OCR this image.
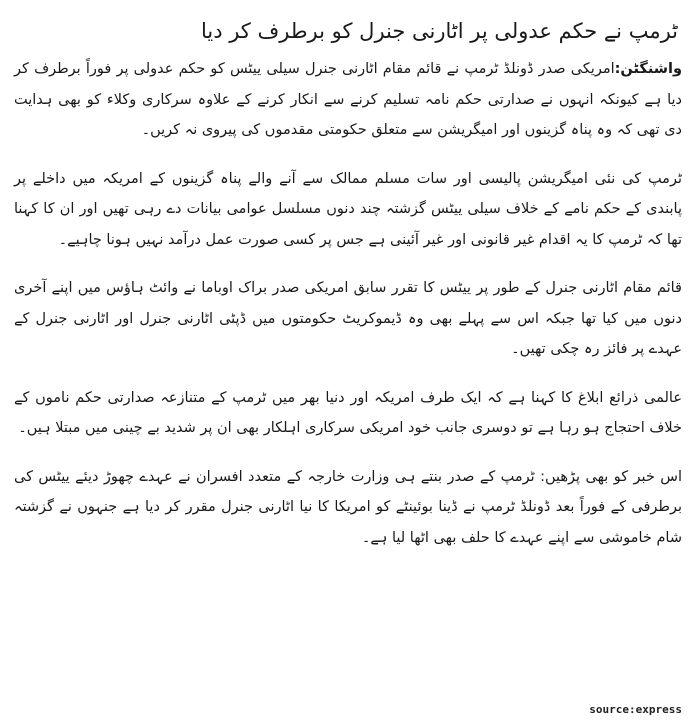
ٹرمپ نے حکم عدولی پر اٹارنی جنرل کو برطرف کر دیا

واشنگٹن:امریکی صدر ڈونلڈ ٹرمپ نے قائم مقام اٹارنی جنرل سیلی ییٹس کو حکم عدولی پر فوراً برطرف کر دیا ہے کیونکہ انہوں نے صدارتی حکم نامہ تسلیم کرنے سے انکار کرنے کے علاوہ سرکاری وکلاء کو بھی ہدایت دی تھی کہ وہ پناہ گزینوں اور امیگریشن سے متعلق حکومتی مقدموں کی پیروی نہ کریں۔

ٹرمپ کی نئی امیگریشن پالیسی اور سات مسلم ممالک سے آنے والے پناہ گزینوں کے امریکہ میں داخلے پر پابندی کے حکم نامے کے خلاف سیلی ییٹس گزشتہ چند دنوں مسلسل عوامی بیانات دے رہی تھیں اور ان کا کہنا تھا کہ ٹرمپ کا یہ اقدام غیر قانونی اور غیر آئینی ہے جس پر کسی صورت عمل درآمد نہیں ہونا چاہیے۔

قائم مقام اٹارنی جنرل کے طور پر ییٹس کا تقرر سابق امریکی صدر براک اوباما نے وائٹ ہاؤس میں اپنے آخری دنوں میں کیا تھا جبکہ اس سے پہلے بھی وہ ڈیموکریٹ حکومتوں میں ڈپٹی اٹارنی جنرل اور اٹارنی جنرل کے عہدے پر فائز رہ چکی تھیں۔

عالمی ذرائع ابلاغ کا کہنا ہے کہ ایک طرف امریکہ اور دنیا بھر میں ٹرمپ کے متنازعہ صدارتی حکم ناموں کے خلاف احتجاج ہو رہا ہے تو دوسری جانب خود امریکی سرکاری اہلکار بھی ان پر شدید بے چینی میں مبتلا ہیں۔

اس خبر کو بھی پڑھیں: ٹرمپ کے صدر بنتے ہی وزارت خارجہ کے متعدد افسران نے عہدے چھوڑ دیئے ییٹس کی برطرفی کے فوراً بعد ڈونلڈ ٹرمپ نے ڈینا بوئینٹے کو امریکا کا نیا اٹارنی جنرل مقرر کر دیا ہے جنہوں نے گزشتہ شام خاموشی سے اپنے عہدے کا حلف بھی اٹھا لیا ہے۔

source:express
